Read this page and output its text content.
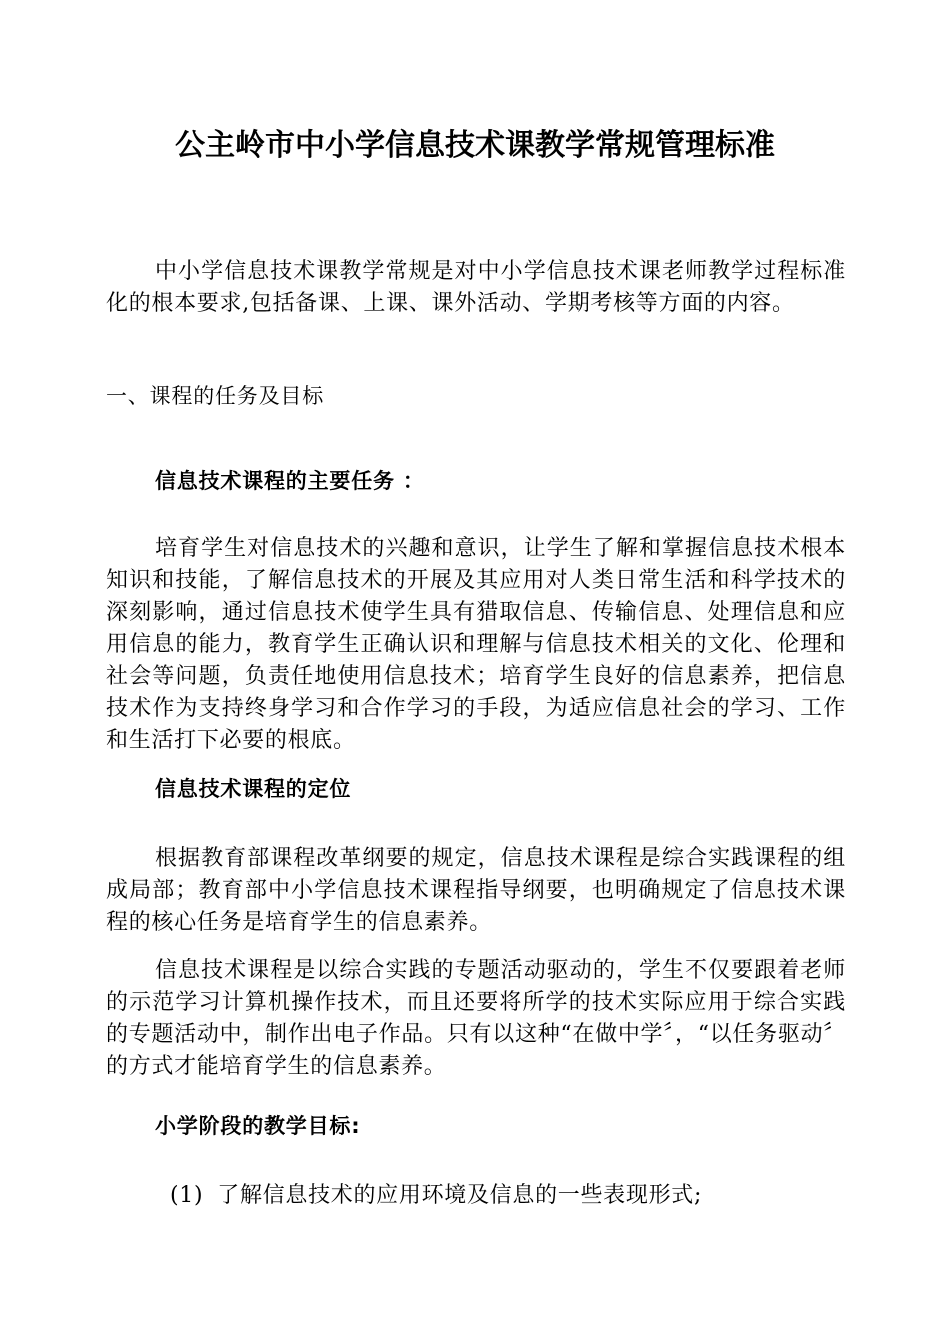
公主岭市中小学信息技术课教学常规管理标准

中小学信息技术课教学常规是对中小学信息技术课老师教学过程标准化的根本要求,包括备课、上课、课外活动、学期考核等方面的内容。

一、课程的任务及目标
信息技术课程的主要任务 ：

培育学生对信息技术的兴趣和意识，让学生了解和掌握信息技术根本知识和技能，了解信息技术的开展及其应用对人类日常生活和科学技术的深刻影响，通过信息技术使学生具有猎取信息、传输信息、处理信息和应用信息的能力，教育学生正确认识和理解与信息技术相关的文化、伦理和社会等问题，负责任地使用信息技术；培育学生良好的信息素养，把信息技术作为支持终身学习和合作学习的手段，为适应信息社会的学习、工作和生活打下必要的根底。

信息技术课程的定位

根据教育部课程改革纲要的规定，信息技术课程是综合实践课程的组成局部；教育部中小学信息技术课程指导纲要，也明确规定了信息技术课程的核心任务是培育学生的信息素养。

信息技术课程是以综合实践的专题活动驱动的，学生不仅要跟着老师的示范学习计算机操作技术，而且还要将所学的技术实际应用于综合实践的专题活动中，制作出电子作品。只有以这种“在做中学〞，“以任务驱动〞的方式才能培育学生的信息素养。

小学阶段的教学目标:

(1) 了解信息技术的应用环境及信息的一些表现形式;
